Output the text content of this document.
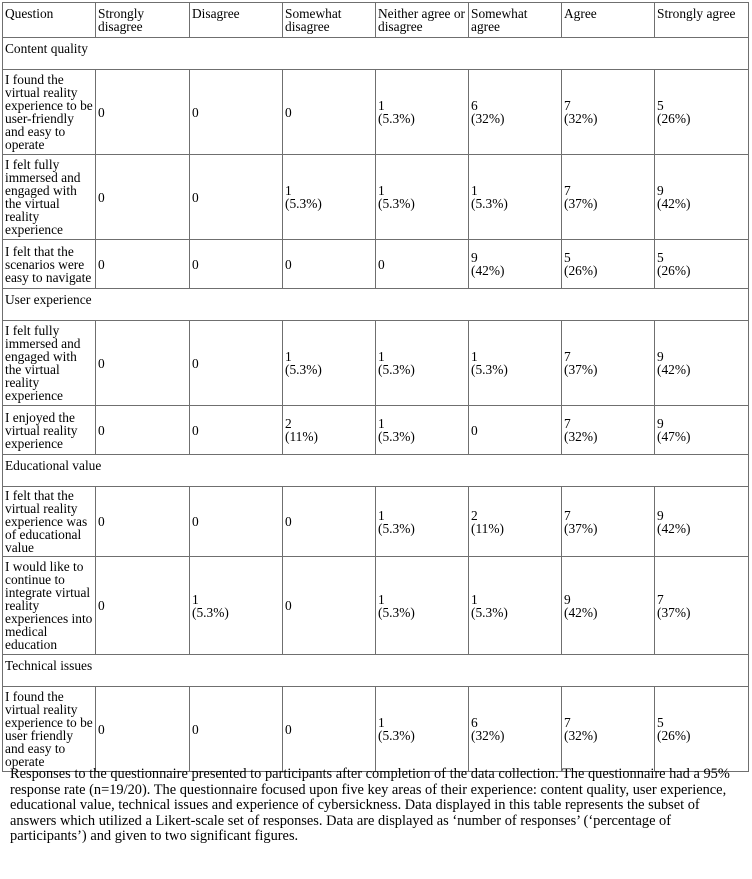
Question	Strongly disagree	Disagree	Somewhat disagree	Neither agree or disagree	Somewhat agree	Agree	Strongly agree
Content quality							
I found the virtual reality experience to be user-friendly and easy to operate	0	0	0	1
(5.3%)	6
(32%)	7
(32%)	5
(26%)
I felt fully immersed and engaged with the virtual reality experience	0	0	1
(5.3%)	1
(5.3%)	1
(5.3%)	7
(37%)	9
(42%)
I felt that the scenarios were easy to navigate	0	0	0	0	9
(42%)	5
(26%)	5
(26%)
User experience							
I felt fully immersed and engaged with the virtual reality experience	0	0	1
(5.3%)	1
(5.3%)	1
(5.3%)	7
(37%)	9
(42%)
I enjoyed the virtual reality experience	0	0	2
(11%)	1
(5.3%)	0	7
(32%)	9
(47%)
Educational value							
I felt that the virtual reality experience was of educational value	0	0	0	1
(5.3%)	2
(11%)	7
(37%)	9
(42%)
I would like to continue to integrate virtual reality experiences into medical education	0	1
(5.3%)	0	1
(5.3%)	1
(5.3%)	9
(42%)	7
(37%)
Technical issues							
I found the virtual reality experience to be user friendly and easy to operate	0	0	0	1
(5.3%)	6
(32%)	7
(32%)	5
(26%)

Responses to the questionnaire presented to participants after completion of the data collection. The questionnaire had a 95% response rate (n=19/20). The questionnaire focused upon five key areas of their experience: content quality, user experience, educational value, technical issues and experience of cybersickness. Data displayed in this table represents the subset of answers which utilized a Likert-scale set of responses. Data are displayed as ‘number of responses’ (‘percentage of participants’) and given to two significant figures.
